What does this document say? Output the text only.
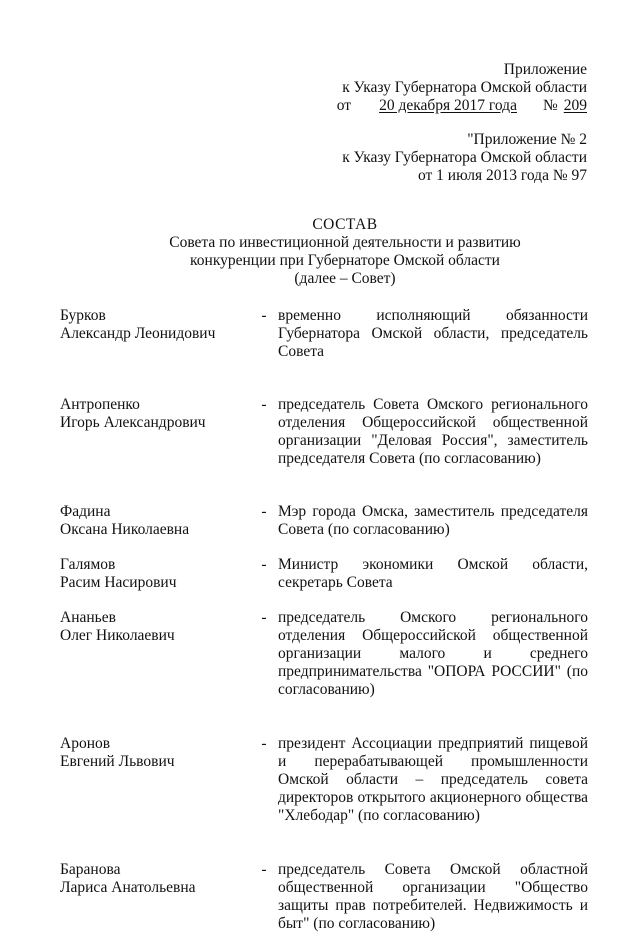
Приложение
к Указу Губернатора Омской области
от 20 декабря 2017 года № 209
"Приложение № 2
к Указу Губернатора Омской области
от 1 июля 2013 года № 97
СОСТАВ
Совета по инвестиционной деятельности и развитию
конкуренции при Губернаторе Омской области
(далее – Совет)
Бурков
Александр Леонидович
- временно исполняющий обязанности Губернатора Омской области, председатель Совета
Антропенко
Игорь Александрович
- председатель Совета Омского регионального отделения Общероссийской общественной организации "Деловая Россия", заместитель председателя Совета (по согласованию)
Фадина
Оксана Николаевна
- Мэр города Омска, заместитель председателя Совета (по согласованию)
Галямов
Расим Насирович
- Министр экономики Омской области, секретарь Совета
Ананьев
Олег Николаевич
- председатель Омского регионального отделения Общероссийской общественной организации малого и среднего предпринимательства "ОПОРА РОССИИ" (по согласованию)
Аронов
Евгений Львович
- президент Ассоциации предприятий пищевой и перерабатывающей промышленности Омской области – председатель совета директоров открытого акционерного общества "Хлебодар" (по согласованию)
Баранова
Лариса Анатольевна
- председатель Совета Омской областной общественной организации "Общество защиты прав потребителей. Недвижимость и быт" (по согласованию)
